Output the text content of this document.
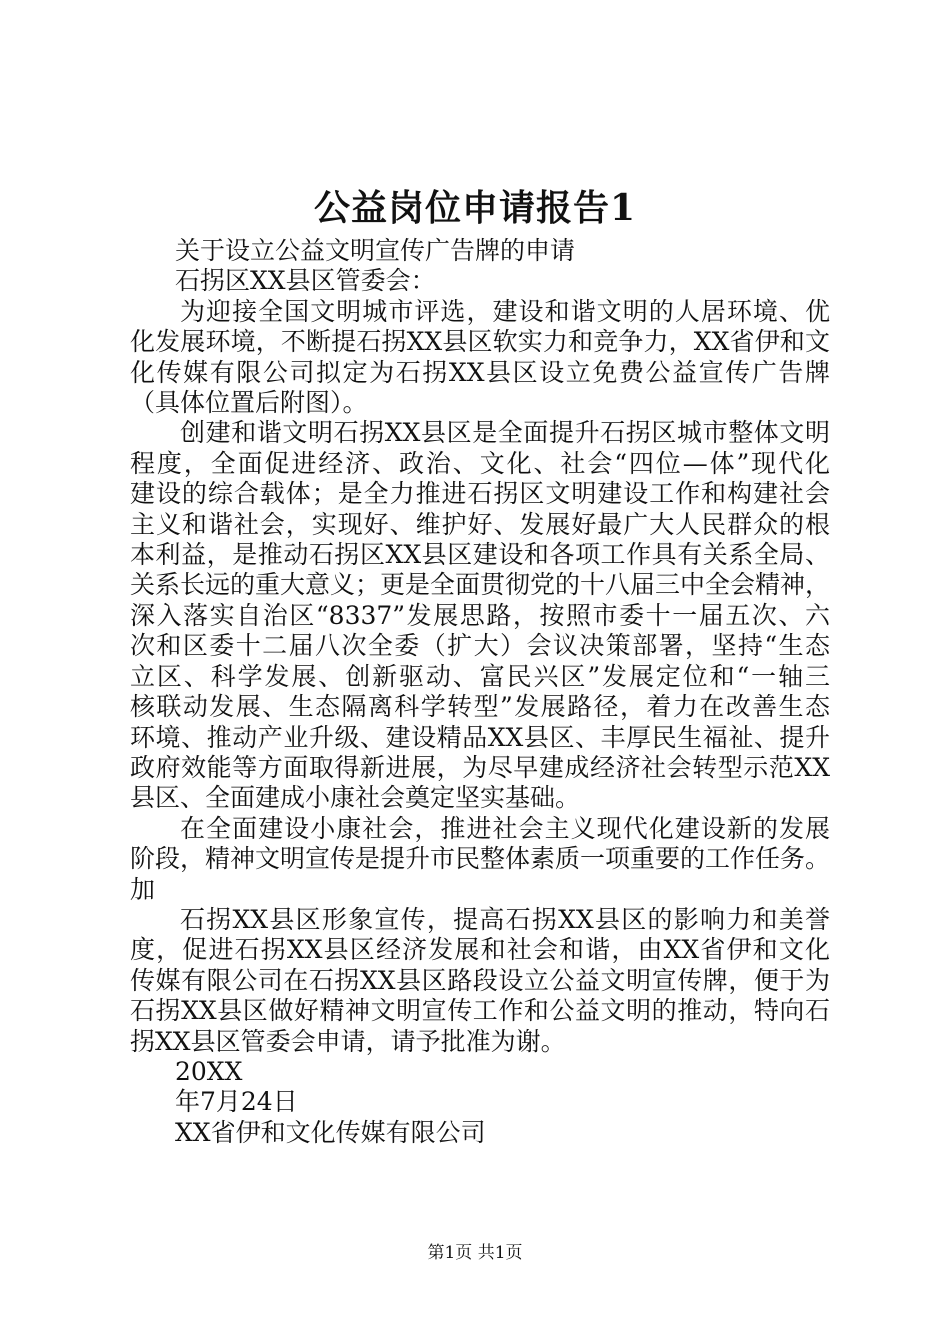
公益岗位申请报告1
关于设立公益文明宣传广告牌的申请
石拐区XX县区管委会：
为迎接全国文明城市评选，建设和谐文明的人居环境、优
化发展环境，不断提石拐XX县区软实力和竞争力，XX省伊和文
化传媒有限公司拟定为石拐XX县区设立免费公益宣传广告牌
（具体位置后附图）。
创建和谐文明石拐XX县区是全面提升石拐区城市整体文明
程度，全面促进经济、政治、文化、社会“四位—体”现代化
建设的综合载体；是全力推进石拐区文明建设工作和构建社会
主义和谐社会，实现好、维护好、发展好最广大人民群众的根
本利益，是推动石拐区XX县区建设和各项工作具有关系全局、
关系长远的重大意义；更是全面贯彻党的十八届三中全会精神，
深入落实自治区“8337”发展思路，按照市委十一届五次、六
次和区委十二届八次全委（扩大）会议决策部署，坚持“生态
立区、科学发展、创新驱动、富民兴区”发展定位和“一轴三
核联动发展、生态隔离科学转型”发展路径，着力在改善生态
环境、推动产业升级、建设精品XX县区、丰厚民生福祉、提升
政府效能等方面取得新进展，为尽早建成经济社会转型示范XX
县区、全面建成小康社会奠定坚实基础。
在全面建设小康社会，推进社会主义现代化建设新的发展
阶段，精神文明宣传是提升市民整体素质一项重要的工作任务。
加
石拐XX县区形象宣传，提高石拐XX县区的影响力和美誉
度，促进石拐XX县区经济发展和社会和谐，由XX省伊和文化
传媒有限公司在石拐XX县区路段设立公益文明宣传牌，便于为
石拐XX县区做好精神文明宣传工作和公益文明的推动，特向石
拐XX县区管委会申请，请予批准为谢。
20XX
年7月24日
XX省伊和文化传媒有限公司
第1页 共1页
